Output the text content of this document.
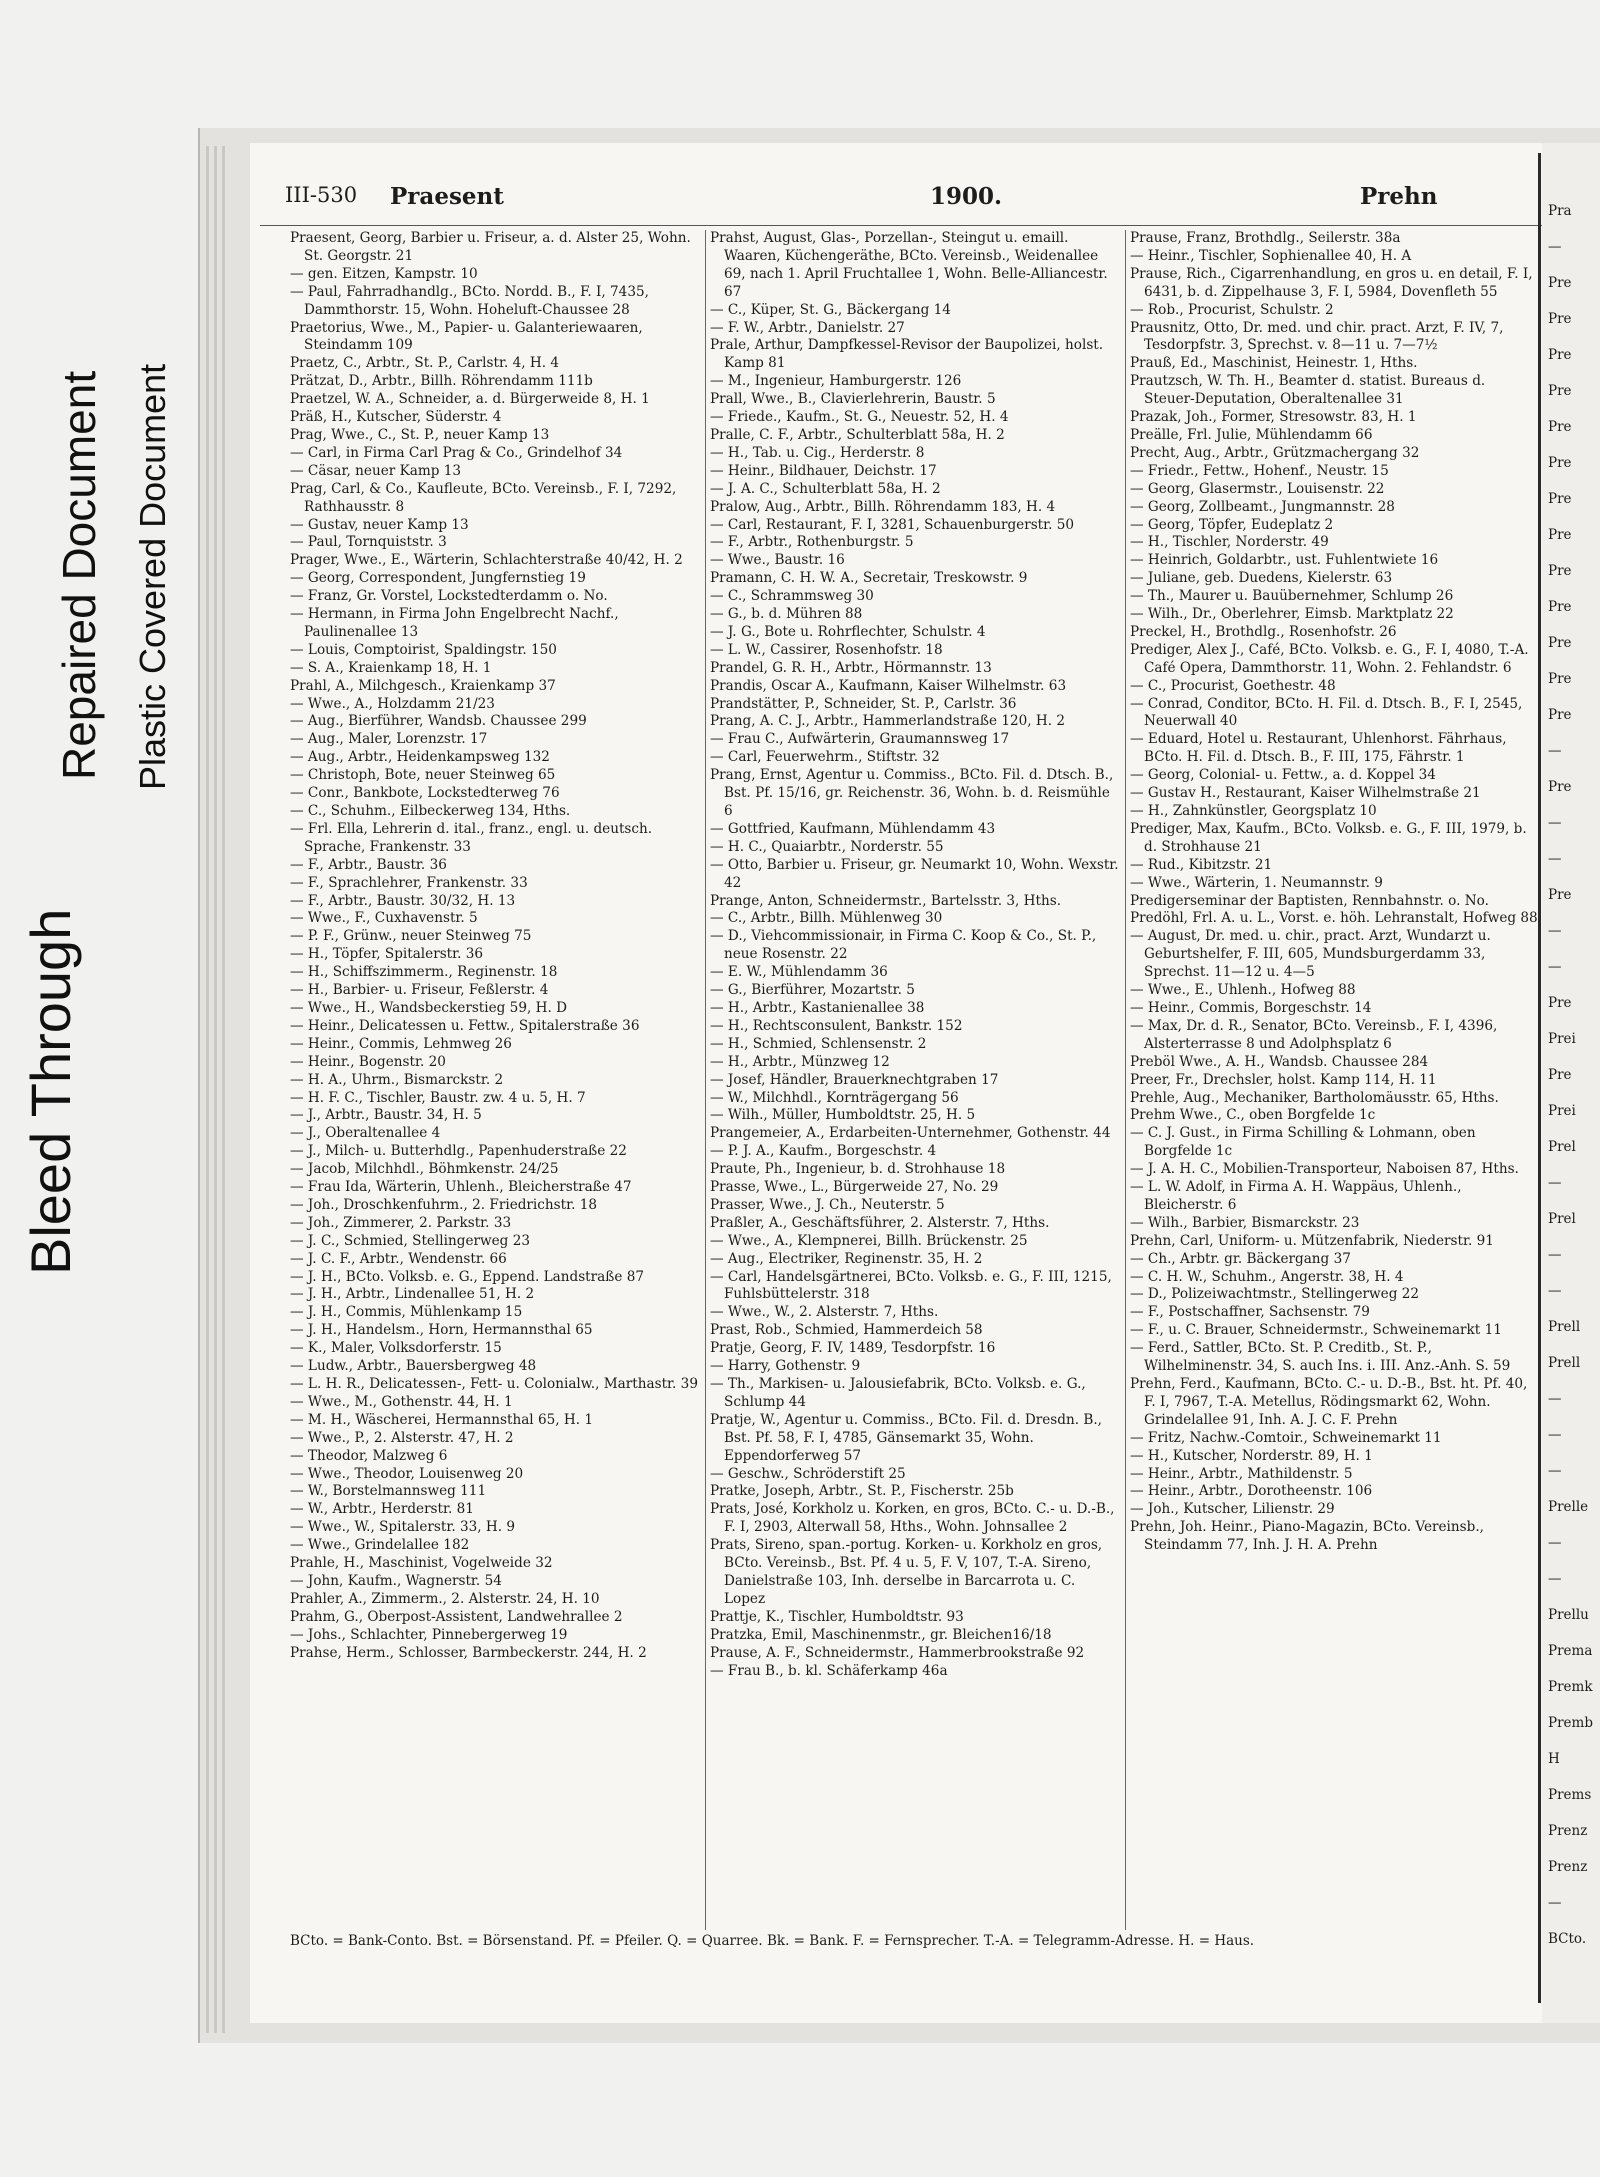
Bleed Through
Repaired Document Plastic Covered Document
III-530 Praesent	1900.	Prehn

Praesent, Georg, Barbier u. Friseur, a. d. Alster 25, Wohn. St. Georgstr. 21

— gen. Eitzen, Kampstr. 10

— Paul, Fahrradhandlg., BCto. Nordd. B., F. I, 7435, Dammthorstr. 15, Wohn. Hoheluft-Chaussee 28

Praetorius, Wwe., M., Papier- u. Galanteriewaaren, Steindamm 109

Praetz, C., Arbtr., St. P., Carlstr. 4, H. 4

Prätzat, D., Arbtr., Billh. Röhrendamm 111b

Praetzel, W. A., Schneider, a. d. Bürgerweide 8, H. 1

Präß, H., Kutscher, Süderstr. 4

Prag, Wwe., C., St. P., neuer Kamp 13

— Carl, in Firma Carl Prag & Co., Grindelhof 34

— Cäsar, neuer Kamp 13

Prag, Carl, & Co., Kaufleute, BCto. Vereinsb., F. I, 7292, Rathhausstr. 8

— Gustav, neuer Kamp 13

— Paul, Tornquiststr. 3

Prager, Wwe., E., Wärterin, Schlachterstraße 40/42, H. 2

— Georg, Correspondent, Jungfernstieg 19

— Franz, Gr. Vorstel, Lockstedterdamm o. No.

— Hermann, in Firma John Engelbrecht Nachf., Paulinenallee 13

— Louis, Comptoirist, Spaldingstr. 150

— S. A., Kraienkamp 18, H. 1

Prahl, A., Milchgesch., Kraienkamp 37

— Wwe., A., Holzdamm 21/23

— Aug., Bierführer, Wandsb. Chaussee 299

— Aug., Maler, Lorenzstr. 17

— Aug., Arbtr., Heidenkampsweg 132

— Christoph, Bote, neuer Steinweg 65

— Conr., Bankbote, Lockstedterweg 76

— C., Schuhm., Eilbeckerweg 134, Hths.

— Frl. Ella, Lehrerin d. ital., franz., engl. u. deutsch. Sprache, Frankenstr. 33

— F., Arbtr., Baustr. 36

— F., Sprachlehrer, Frankenstr. 33

— F., Arbtr., Baustr. 30/32, H. 13

— Wwe., F., Cuxhavenstr. 5

— P. F., Grünw., neuer Steinweg 75

— H., Töpfer, Spitalerstr. 36

— H., Schiffszimmerm., Reginenstr. 18

— H., Barbier- u. Friseur, Feßlerstr. 4

— Wwe., H., Wandsbeckerstieg 59, H. D

— Heinr., Delicatessen u. Fettw., Spitalerstraße 36

— Heinr., Commis, Lehmweg 26

— Heinr., Bogenstr. 20

— H. A., Uhrm., Bismarckstr. 2

— H. F. C., Tischler, Baustr. zw. 4 u. 5, H. 7

— J., Arbtr., Baustr. 34, H. 5

— J., Oberaltenallee 4

— J., Milch- u. Butterhdlg., Papenhuderstraße 22

— Jacob, Milchhdl., Böhmkenstr. 24/25

— Frau Ida, Wärterin, Uhlenh., Bleicherstraße 47

— Joh., Droschkenfuhrm., 2. Friedrichstr. 18

— Joh., Zimmerer, 2. Parkstr. 33

— J. C., Schmied, Stellingerweg 23

— J. C. F., Arbtr., Wendenstr. 66

— J. H., BCto. Volksb. e. G., Eppend. Landstraße 87

— J. H., Arbtr., Lindenallee 51, H. 2

— J. H., Commis, Mühlenkamp 15

— J. H., Handelsm., Horn, Hermannsthal 65

— K., Maler, Volksdorferstr. 15

— Ludw., Arbtr., Bauersbergweg 48

— L. H. R., Delicatessen-, Fett- u. Colonialw., Marthastr. 39

— Wwe., M., Gothenstr. 44, H. 1

— M. H., Wäscherei, Hermannsthal 65, H. 1

— Wwe., P., 2. Alsterstr. 47, H. 2

— Theodor, Malzweg 6

— Wwe., Theodor, Louisenweg 20

— W., Borstelmannsweg 111

— W., Arbtr., Herderstr. 81

— Wwe., W., Spitalerstr. 33, H. 9

— Wwe., Grindelallee 182

Prahle, H., Maschinist, Vogelweide 32

— John, Kaufm., Wagnerstr. 54

Prahler, A., Zimmerm., 2. Alsterstr. 24, H. 10

Prahm, G., Oberpost-Assistent, Landwehrallee 2

— Johs., Schlachter, Pinnebergerweg 19

Prahse, Herm., Schlosser, Barmbeckerstr. 244, H. 2

Prahst, August, Glas-, Porzellan-, Steingut u. emaill. Waaren, Küchengeräthe, BCto. Vereinsb., Weidenallee 69, nach 1. April Fruchtallee 1, Wohn. Belle-Alliancestr. 67

— C., Küper, St. G., Bäckergang 14

— F. W., Arbtr., Danielstr. 27

Prale, Arthur, Dampfkessel-Revisor der Baupolizei, holst. Kamp 81

— M., Ingenieur, Hamburgerstr. 126

Prall, Wwe., B., Clavierlehrerin, Baustr. 5

— Friede., Kaufm., St. G., Neuestr. 52, H. 4

Pralle, C. F., Arbtr., Schulterblatt 58a, H. 2

— H., Tab. u. Cig., Herderstr. 8

— Heinr., Bildhauer, Deichstr. 17

— J. A. C., Schulterblatt 58a, H. 2

Pralow, Aug., Arbtr., Billh. Röhrendamm 183, H. 4

— Carl, Restaurant, F. I, 3281, Schauenburgerstr. 50

— F., Arbtr., Rothenburgstr. 5

— Wwe., Baustr. 16

Pramann, C. H. W. A., Secretair, Treskowstr. 9

— C., Schrammsweg 30

— G., b. d. Mühren 88

— J. G., Bote u. Rohrflechter, Schulstr. 4

— L. W., Cassirer, Rosenhofstr. 18

Prandel, G. R. H., Arbtr., Hörmannstr. 13

Prandis, Oscar A., Kaufmann, Kaiser Wilhelmstr. 63

Prandstätter, P., Schneider, St. P., Carlstr. 36

Prang, A. C. J., Arbtr., Hammerlandstraße 120, H. 2

— Frau C., Aufwärterin, Graumannsweg 17

— Carl, Feuerwehrm., Stiftstr. 32

Prang, Ernst, Agentur u. Commiss., BCto. Fil. d. Dtsch. B., Bst. Pf. 15/16, gr. Reichenstr. 36, Wohn. b. d. Reismühle 6

— Gottfried, Kaufmann, Mühlendamm 43

— H. C., Quaiarbtr., Norderstr. 55

— Otto, Barbier u. Friseur, gr. Neumarkt 10, Wohn. Wexstr. 42

Prange, Anton, Schneidermstr., Bartelsstr. 3, Hths.

— C., Arbtr., Billh. Mühlenweg 30

— D., Viehcommissionair, in Firma C. Koop & Co., St. P., neue Rosenstr. 22

— E. W., Mühlendamm 36

— G., Bierführer, Mozartstr. 5

— H., Arbtr., Kastanienallee 38

— H., Rechtsconsulent, Bankstr. 152

— H., Schmied, Schlensenstr. 2

— H., Arbtr., Münzweg 12

— Josef, Händler, Brauerknechtgraben 17

— W., Milchhdl., Kornträgergang 56

— Wilh., Müller, Humboldtstr. 25, H. 5

Prangemeier, A., Erdarbeiten-Unternehmer, Gothenstr. 44

— P. J. A., Kaufm., Borgeschstr. 4

Praute, Ph., Ingenieur, b. d. Strohhause 18

Prasse, Wwe., L., Bürgerweide 27, No. 29

Prasser, Wwe., J. Ch., Neuterstr. 5

Praßler, A., Geschäftsführer, 2. Alsterstr. 7, Hths.

— Wwe., A., Klempnerei, Billh. Brückenstr. 25

— Aug., Electriker, Reginenstr. 35, H. 2

— Carl, Handelsgärtnerei, BCto. Volksb. e. G., F. III, 1215, Fuhlsbüttelerstr. 318

— Wwe., W., 2. Alsterstr. 7, Hths.

Prast, Rob., Schmied, Hammerdeich 58

Pratje, Georg, F. IV, 1489, Tesdorpfstr. 16

— Harry, Gothenstr. 9

— Th., Markisen- u. Jalousiefabrik, BCto. Volksb. e. G., Schlump 44

Pratje, W., Agentur u. Commiss., BCto. Fil. d. Dresdn. B., Bst. Pf. 58, F. I, 4785, Gänsemarkt 35, Wohn. Eppendorferweg 57

— Geschw., Schröderstift 25

Pratke, Joseph, Arbtr., St. P., Fischerstr. 25b

Prats, José, Korkholz u. Korken, en gros, BCto. C.- u. D.-B., F. I, 2903, Alterwall 58, Hths., Wohn. Johnsallee 2

Prats, Sireno, span.-portug. Korken- u. Korkholz en gros, BCto. Vereinsb., Bst. Pf. 4 u. 5, F. V, 107, T.-A. Sireno, Danielstraße 103, Inh. derselbe in Barcarrota u. C. Lopez

Prattje, K., Tischler, Humboldtstr. 93

Pratzka, Emil, Maschinenmstr., gr. Bleichen16/18

Prause, A. F., Schneidermstr., Hammerbrookstraße 92

— Frau B., b. kl. Schäferkamp 46a

Prause, Franz, Brothdlg., Seilerstr. 38a

— Heinr., Tischler, Sophienallee 40, H. A

Prause, Rich., Cigarrenhandlung, en gros u. en detail, F. I, 6431, b. d. Zippelhause 3, F. I, 5984, Dovenfleth 55

— Rob., Procurist, Schulstr. 2

Prausnitz, Otto, Dr. med. und chir. pract. Arzt, F. IV, 7, Tesdorpfstr. 3, Sprechst. v. 8—11 u. 7—7½

Prauß, Ed., Maschinist, Heinestr. 1, Hths.

Prautzsch, W. Th. H., Beamter d. statist. Bureaus d. Steuer-Deputation, Oberaltenallee 31

Prazak, Joh., Former, Stresowstr. 83, H. 1

Preälle, Frl. Julie, Mühlendamm 66

Precht, Aug., Arbtr., Grützmachergang 32

— Friedr., Fettw., Hohenf., Neustr. 15

— Georg, Glasermstr., Louisenstr. 22

— Georg, Zollbeamt., Jungmannstr. 28

— Georg, Töpfer, Eudeplatz 2

— H., Tischler, Norderstr. 49

— Heinrich, Goldarbtr., ust. Fuhlentwiete 16

— Juliane, geb. Duedens, Kielerstr. 63

— Th., Maurer u. Bauübernehmer, Schlump 26

— Wilh., Dr., Oberlehrer, Eimsb. Marktplatz 22

Preckel, H., Brothdlg., Rosenhofstr. 26

Prediger, Alex J., Café, BCto. Volksb. e. G., F. I, 4080, T.-A. Café Opera, Dammthorstr. 11, Wohn. 2. Fehlandstr. 6

— C., Procurist, Goethestr. 48

— Conrad, Conditor, BCto. H. Fil. d. Dtsch. B., F. I, 2545, Neuerwall 40

— Eduard, Hotel u. Restaurant, Uhlenhorst. Fährhaus, BCto. H. Fil. d. Dtsch. B., F. III, 175, Fährstr. 1

— Georg, Colonial- u. Fettw., a. d. Koppel 34

— Gustav H., Restaurant, Kaiser Wilhelmstraße 21

— H., Zahnkünstler, Georgsplatz 10

Prediger, Max, Kaufm., BCto. Volksb. e. G., F. III, 1979, b. d. Strohhause 21

— Rud., Kibitzstr. 21

— Wwe., Wärterin, 1. Neumannstr. 9

Predigerseminar der Baptisten, Rennbahnstr. o. No.

Predöhl, Frl. A. u. L., Vorst. e. höh. Lehranstalt, Hofweg 88

— August, Dr. med. u. chir., pract. Arzt, Wundarzt u. Geburtshelfer, F. III, 605, Mundsburgerdamm 33, Sprechst. 11—12 u. 4—5

— Wwe., E., Uhlenh., Hofweg 88

— Heinr., Commis, Borgeschstr. 14

— Max, Dr. d. R., Senator, BCto. Vereinsb., F. I, 4396, Alsterterrasse 8 und Adolphsplatz 6

Preböl Wwe., A. H., Wandsb. Chaussee 284

Preer, Fr., Drechsler, holst. Kamp 114, H. 11

Prehle, Aug., Mechaniker, Bartholomäusstr. 65, Hths.

Prehm Wwe., C., oben Borgfelde 1c

— C. J. Gust., in Firma Schilling & Lohmann, oben Borgfelde 1c

— J. A. H. C., Mobilien-Transporteur, Naboisen 87, Hths.

— L. W. Adolf, in Firma A. H. Wappäus, Uhlenh., Bleicherstr. 6

— Wilh., Barbier, Bismarckstr. 23

Prehn, Carl, Uniform- u. Mützenfabrik, Niederstr. 91

— Ch., Arbtr. gr. Bäckergang 37

— C. H. W., Schuhm., Angerstr. 38, H. 4

— D., Polizeiwachtmstr., Stellingerweg 22

— F., Postschaffner, Sachsenstr. 79

— F., u. C. Brauer, Schneidermstr., Schweinemarkt 11

— Ferd., Sattler, BCto. St. P. Creditb., St. P., Wilhelminenstr. 34, S. auch Ins. i. III. Anz.-Anh. S. 59

Prehn, Ferd., Kaufmann, BCto. C.- u. D.-B., Bst. ht. Pf. 40, F. I, 7967, T.-A. Metellus, Rödingsmarkt 62, Wohn. Grindelallee 91, Inh. A. J. C. F. Prehn

— Fritz, Nachw.-Comtoir., Schweinemarkt 11

— H., Kutscher, Norderstr. 89, H. 1

— Heinr., Arbtr., Mathildenstr. 5

— Heinr., Arbtr., Dorotheenstr. 106

— Joh., Kutscher, Lilienstr. 29

Prehn, Joh. Heinr., Piano-Magazin, BCto. Vereinsb., Steindamm 77, Inh. J. H. A. Prehn

BCto. = Bank-Conto. Bst. = Börsenstand. Pf. = Pfeiler. Q. = Quarree. Bk. = Bank. F. = Fernsprecher. T.-A. = Telegramm-Adresse. H. = Haus.
Pra
—
Pre
Pre
Pre
Pre
Pre
Pre
Pre
Pre
Pre
Pre
Pre
Pre
Pre
—
Pre
—
—
Pre
—
—
Pre
Prei
Pre
Prei
Prel
—
Prel
—
—
Prell
Prell
—
—
—
Prelle
—
—
Prellu
Prema
Premk
Premb
H
Prems
Prenz
Prenz
—
BCto.
